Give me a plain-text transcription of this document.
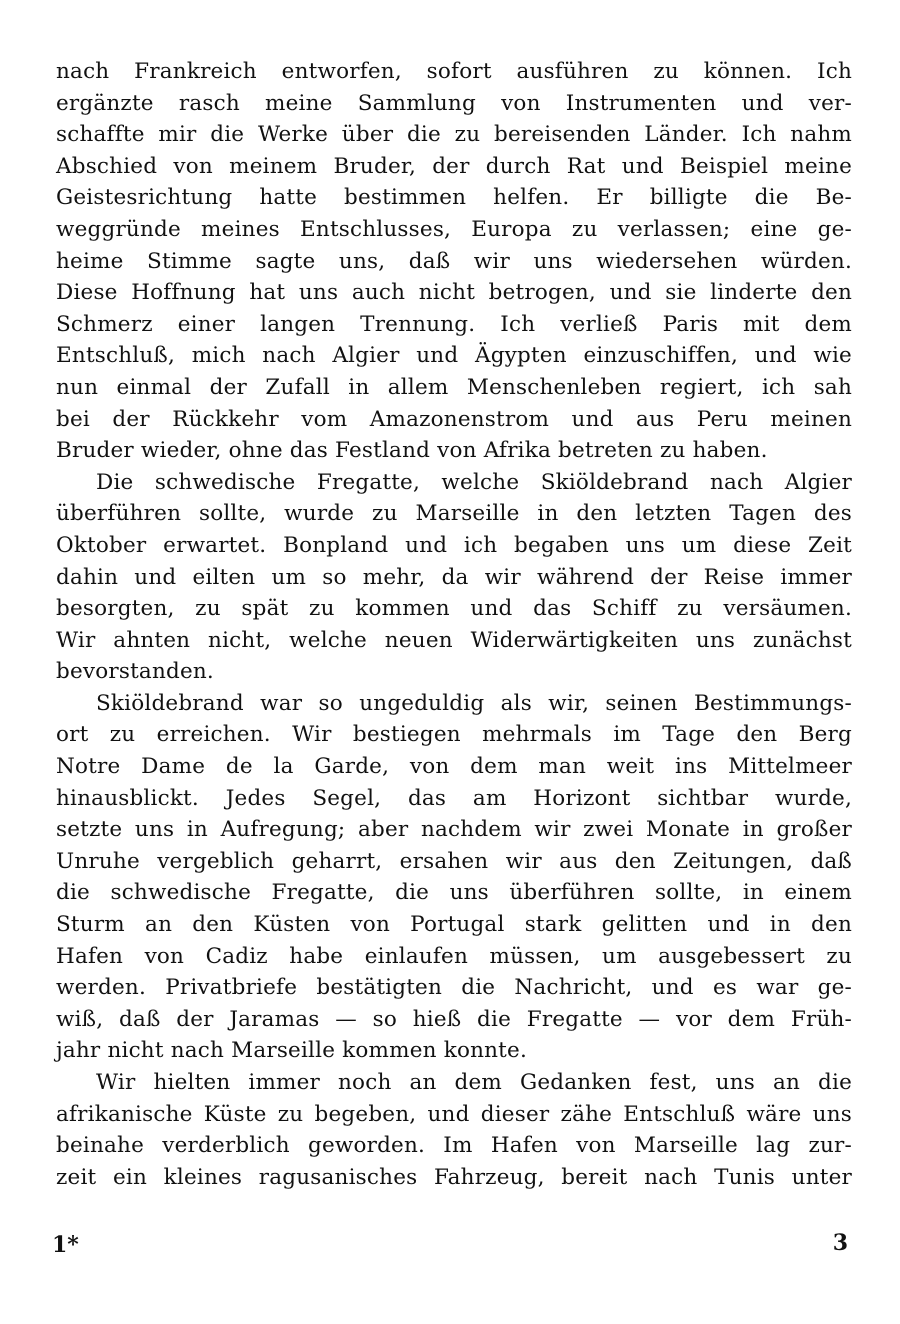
nach Frankreich entworfen, sofort ausführen zu können. Ich
ergänzte rasch meine Sammlung von Instrumenten und ver-
schaffte mir die Werke über die zu bereisenden Länder. Ich nahm
Abschied von meinem Bruder, der durch Rat und Beispiel meine
Geistesrichtung hatte bestimmen helfen. Er billigte die Be-
weggründe meines Entschlusses, Europa zu verlassen; eine ge-
heime Stimme sagte uns, daß wir uns wiedersehen würden.
Diese Hoffnung hat uns auch nicht betrogen, und sie linderte den
Schmerz einer langen Trennung. Ich verließ Paris mit dem
Entschluß, mich nach Algier und Ägypten einzuschiffen, und wie
nun einmal der Zufall in allem Menschenleben regiert, ich sah
bei der Rückkehr vom Amazonenstrom und aus Peru meinen
Bruder wieder, ohne das Festland von Afrika betreten zu haben.
Die schwedische Fregatte, welche Skiöldebrand nach Algier
überführen sollte, wurde zu Marseille in den letzten Tagen des
Oktober erwartet. Bonpland und ich begaben uns um diese Zeit
dahin und eilten um so mehr, da wir während der Reise immer
besorgten, zu spät zu kommen und das Schiff zu versäumen.
Wir ahnten nicht, welche neuen Widerwärtigkeiten uns zunächst
bevorstanden.
Skiöldebrand war so ungeduldig als wir, seinen Bestimmungs-
ort zu erreichen. Wir bestiegen mehrmals im Tage den Berg
Notre Dame de la Garde, von dem man weit ins Mittelmeer
hinausblickt. Jedes Segel, das am Horizont sichtbar wurde,
setzte uns in Aufregung; aber nachdem wir zwei Monate in großer
Unruhe vergeblich geharrt, ersahen wir aus den Zeitungen, daß
die schwedische Fregatte, die uns überführen sollte, in einem
Sturm an den Küsten von Portugal stark gelitten und in den
Hafen von Cadiz habe einlaufen müssen, um ausgebessert zu
werden. Privatbriefe bestätigten die Nachricht, und es war ge-
wiß, daß der Jaramas — so hieß die Fregatte — vor dem Früh-
jahr nicht nach Marseille kommen konnte.
Wir hielten immer noch an dem Gedanken fest, uns an die
afrikanische Küste zu begeben, und dieser zähe Entschluß wäre uns
beinahe verderblich geworden. Im Hafen von Marseille lag zur-
zeit ein kleines ragusanisches Fahrzeug, bereit nach Tunis unter
1*	3
